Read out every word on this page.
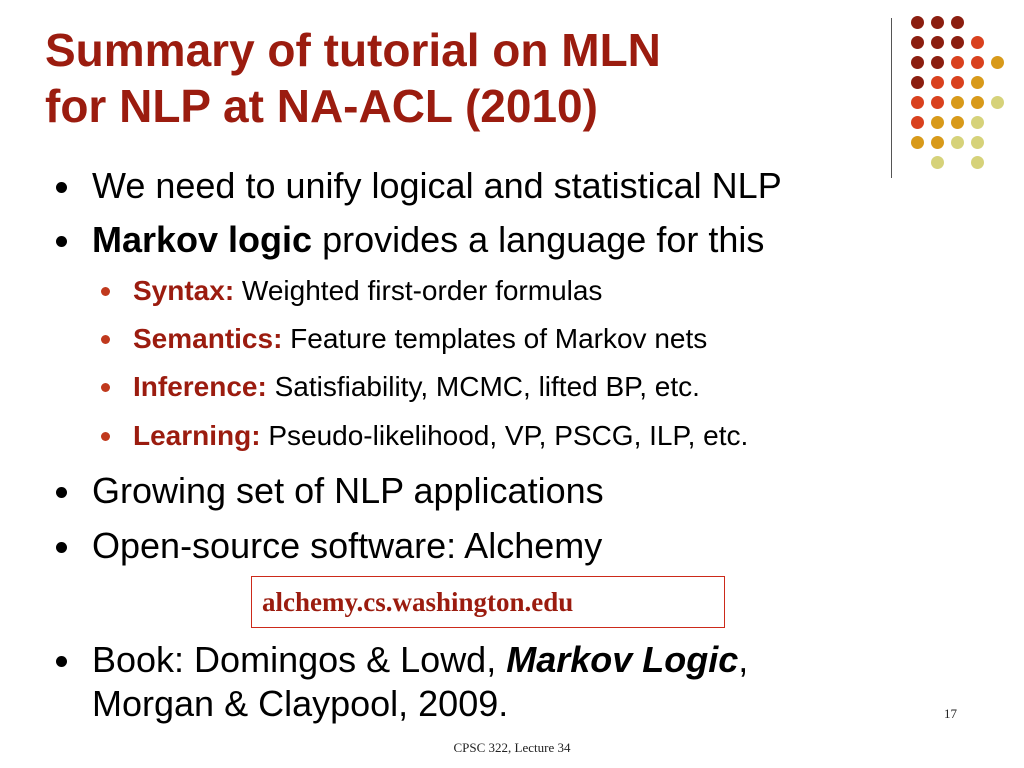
Summary of tutorial on MLN
for NLP at NA-ACL (2010)
We need to unify logical and statistical NLP
Markov logic provides a language for this
Syntax: Weighted first-order formulas
Semantics: Feature templates of Markov nets
Inference: Satisfiability, MCMC, lifted BP, etc.
Learning: Pseudo-likelihood, VP, PSCG, ILP, etc.
Growing set of NLP applications
Open-source software: Alchemy
Book: Domingos & Lowd, Markov Logic,
Morgan & Claypool, 2009.
alchemy.cs.washington.edu
17
CPSC 322, Lecture 34
